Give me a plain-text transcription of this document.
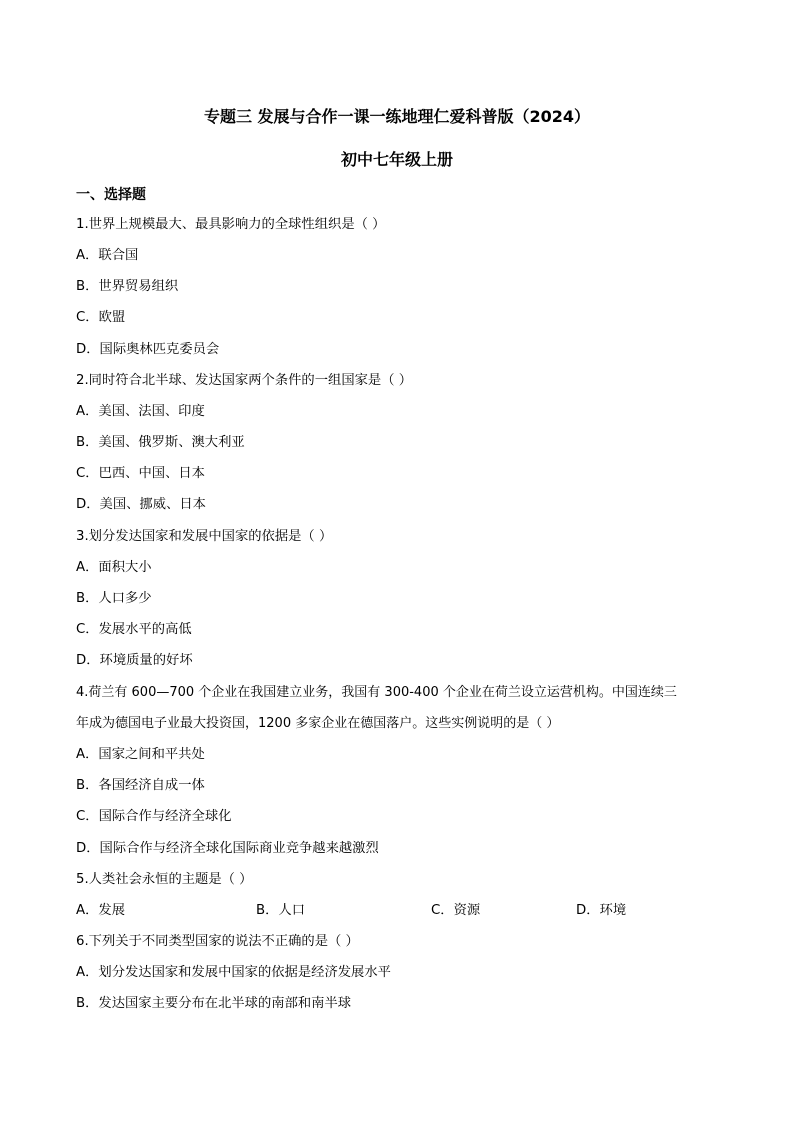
专题三 发展与合作一课一练地理仁爱科普版（2024）
初中七年级上册
一、选择题
1.世界上规模最大、最具影响力的全球性组织是（ ）
A．联合国
B．世界贸易组织
C．欧盟
D．国际奥林匹克委员会
2.同时符合北半球、发达国家两个条件的一组国家是（ ）
A．美国、法国、印度
B．美国、俄罗斯、澳大利亚
C．巴西、中国、日本
D．美国、挪威、日本
3.划分发达国家和发展中国家的依据是（ ）
A．面积大小
B．人口多少
C．发展水平的高低
D．环境质量的好坏
4.荷兰有 600—700 个企业在我国建立业务，我国有 300-400 个企业在荷兰设立运营机构。中国连续三
年成为德国电子业最大投资国，1200 多家企业在德国落户。这些实例说明的是（ ）
A．国家之间和平共处
B．各国经济自成一体
C．国际合作与经济全球化
D．国际合作与经济全球化国际商业竞争越来越激烈
5.人类社会永恒的主题是（ ）
A．发展	B．人口	C．资源	D．环境
6.下列关于不同类型国家的说法不正确的是（ ）
A．划分发达国家和发展中国家的依据是经济发展水平
B．发达国家主要分布在北半球的南部和南半球
